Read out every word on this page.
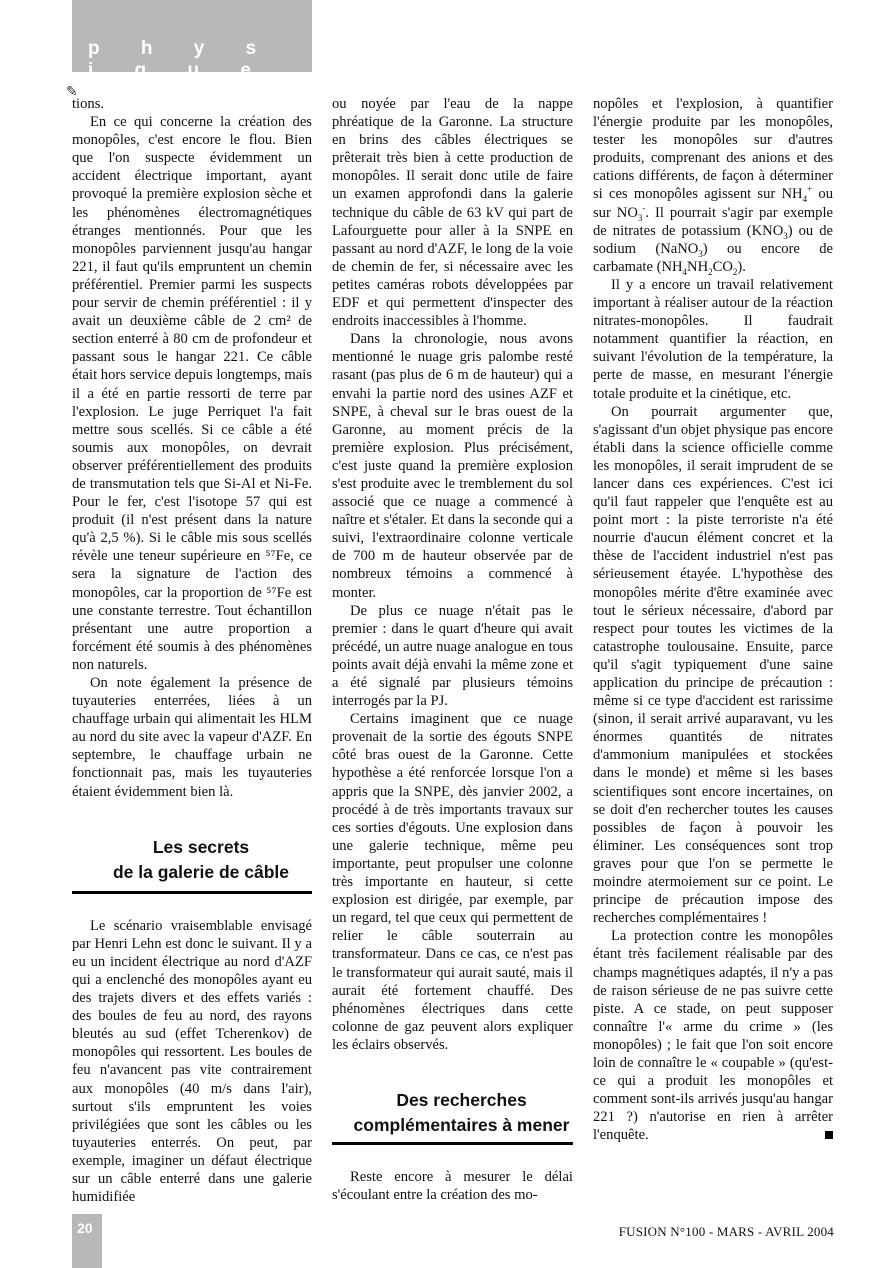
p h y s i q u e
✎

tions.

En ce qui concerne la création des monopôles, c'est encore le flou. Bien que l'on suspecte évidemment un accident électrique important, ayant provoqué la première explosion sèche et les phénomènes électromagnétiques étranges mentionnés. Pour que les monopôles parviennent jusqu'au hangar 221, il faut qu'ils empruntent un chemin préférentiel. Premier parmi les suspects pour servir de chemin préférentiel : il y avait un deuxième câble de 2 cm² de section enterré à 80 cm de profondeur et passant sous le hangar 221. Ce câble était hors service depuis longtemps, mais il a été en partie ressorti de terre par l'explosion. Le juge Perriquet l'a fait mettre sous scellés. Si ce câble a été soumis aux monopôles, on devrait observer préférentiellement des produits de transmutation tels que Si-Al et Ni-Fe. Pour le fer, c'est l'isotope 57 qui est produit (il n'est présent dans la nature qu'à 2,5 %). Si le câble mis sous scellés révèle une teneur supérieure en ⁵⁷Fe, ce sera la signature de l'action des monopôles, car la proportion de ⁵⁷Fe est une constante terrestre. Tout échantillon présentant une autre proportion a forcément été soumis à des phénomènes non naturels.

On note également la présence de tuyauteries enterrées, liées à un chauffage urbain qui alimentait les HLM au nord du site avec la vapeur d'AZF. En septembre, le chauffage urbain ne fonctionnait pas, mais les tuyauteries étaient évidemment bien là.

Les secrets

de la galerie de câble

Le scénario vraisemblable envisagé par Henri Lehn est donc le suivant. Il y a eu un incident électrique au nord d'AZF qui a enclenché des monopôles ayant eu des trajets divers et des effets variés : des boules de feu au nord, des rayons bleutés au sud (effet Tcherenkov) de monopôles qui ressortent. Les boules de feu n'avancent pas vite contrairement aux monopôles (40 m/s dans l'air), surtout s'ils empruntent les voies privilégiées que sont les câbles ou les tuyauteries enterrés. On peut, par exemple, imaginer un défaut électrique sur un câble enterré dans une galerie humidifiée

ou noyée par l'eau de la nappe phréatique de la Garonne. La structure en brins des câbles électriques se prêterait très bien à cette production de monopôles. Il serait donc utile de faire un examen approfondi dans la galerie technique du câble de 63 kV qui part de Lafourguette pour aller à la SNPE en passant au nord d'AZF, le long de la voie de chemin de fer, si nécessaire avec les petites caméras robots développées par EDF et qui permettent d'inspecter des endroits inaccessibles à l'homme.

Dans la chronologie, nous avons mentionné le nuage gris palombe resté rasant (pas plus de 6 m de hauteur) qui a envahi la partie nord des usines AZF et SNPE, à cheval sur le bras ouest de la Garonne, au moment précis de la première explosion. Plus précisément, c'est juste quand la première explosion s'est produite avec le tremblement du sol associé que ce nuage a commencé à naître et s'étaler. Et dans la seconde qui a suivi, l'extraordinaire colonne verticale de 700 m de hauteur observée par de nombreux témoins a commencé à monter.

De plus ce nuage n'était pas le premier : dans le quart d'heure qui avait précédé, un autre nuage analogue en tous points avait déjà envahi la même zone et a été signalé par plusieurs témoins interrogés par la PJ.

Certains imaginent que ce nuage provenait de la sortie des égouts SNPE côté bras ouest de la Garonne. Cette hypothèse a été renforcée lorsque l'on a appris que la SNPE, dès janvier 2002, a procédé à de très importants travaux sur ces sorties d'égouts. Une explosion dans une galerie technique, même peu importante, peut propulser une colonne très importante en hauteur, si cette explosion est dirigée, par exemple, par un regard, tel que ceux qui permettent de relier le câble souterrain au transformateur. Dans ce cas, ce n'est pas le transformateur qui aurait sauté, mais il aurait été fortement chauffé. Des phénomènes électriques dans cette colonne de gaz peuvent alors expliquer les éclairs observés.

Des recherches

complémentaires à mener

Reste encore à mesurer le délai s'écoulant entre la création des mo-

nopôles et l'explosion, à quantifier l'énergie produite par les monopôles, tester les monopôles sur d'autres produits, comprenant des anions et des cations différents, de façon à déterminer si ces monopôles agissent sur $NH_4^+$ ou sur $NO_3^-$. Il pourrait s'agir par exemple de nitrates de potassium $(KNO_3)$ ou de sodium (NaNO$_3$) ou encore de carbamate $(NH_4NH_2CO_2)$.

Il y a encore un travail relativement important à réaliser autour de la réaction nitrates-monopôles. Il faudrait notamment quantifier la réaction, en suivant l'évolution de la température, la perte de masse, en mesurant l'énergie totale produite et la cinétique, etc.

On pourrait argumenter que, s'agissant d'un objet physique pas encore établi dans la science officielle comme les monopôles, il serait imprudent de se lancer dans ces expériences. C'est ici qu'il faut rappeler que l'enquête est au point mort : la piste terroriste n'a été nourrie d'aucun élément concret et la thèse de l'accident industriel n'est pas sérieusement étayée. L'hypothèse des monopôles mérite d'être examinée avec tout le sérieux nécessaire, d'abord par respect pour toutes les victimes de la catastrophe toulousaine. Ensuite, parce qu'il s'agit typiquement d'une saine application du principe de précaution : même si ce type d'accident est rarissime (sinon, il serait arrivé auparavant, vu les énormes quantités de nitrates d'ammonium manipulées et stockées dans le monde) et même si les bases scientifiques sont encore incertaines, on se doit d'en rechercher toutes les causes possibles de façon à pouvoir les éliminer. Les conséquences sont trop graves pour que l'on se permette le moindre atermoiement sur ce point. Le principe de précaution impose des recherches complémentaires !

La protection contre les monopôles étant très facilement réalisable par des champs magnétiques adaptés, il n'y a pas de raison sérieuse de ne pas suivre cette piste. A ce stade, on peut supposer connaître l'« arme du crime » (les monopôles) ; le fait que l'on soit encore loin de connaître le « coupable » (qu'est-ce qui a produit les monopôles et comment sont-ils arrivés jusqu'au hangar 221 ?) n'autorise en rien à arrêter l'enquête.

20	FUSION N°100 - MARS - AVRIL 2004
